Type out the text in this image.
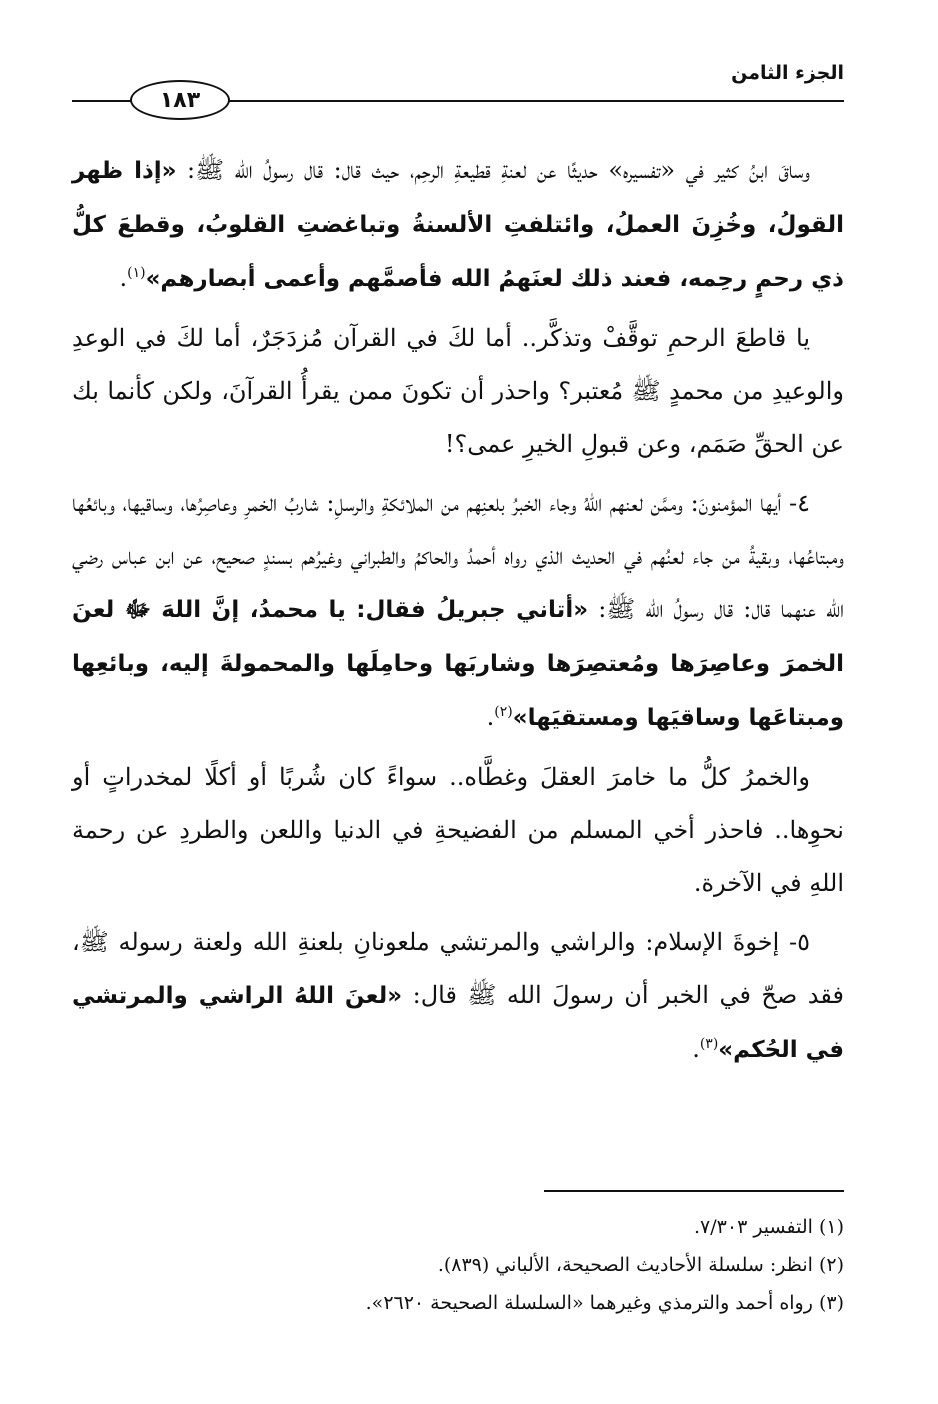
الجزء الثامن
١٨٣

وساقَ ابنُ كثير في «تفسيره» حديثًا عن لعنةِ قطيعةِ الرحِم، حيث قال: قال رسولُ الله ﷺ: «إذا ظهر القولُ، وخُزِنَ العملُ، وائتلفتِ الألسنةُ وتباغضتِ القلوبُ، وقطعَ كلُّ ذي رحمٍ رحِمه، فعند ذلك لعنَهمُ الله فأصمَّهم وأعمى أبصارهم»$^{(١)}$.

يا قاطعَ الرحمِ توقَّفْ وتذكَّر.. أما لكَ في القرآن مُزدَجَرٌ، أما لكَ في الوعدِ والوعيدِ من محمدٍ ﷺ مُعتبر؟ واحذر أن تكونَ ممن يقرأُ القرآنَ، ولكن كأنما بك عن الحقِّ صَمَم، وعن قبولِ الخيرِ عمى؟!

٤- أيها المؤمنونَ: وممَّن لعنهم اللهُ وجاء الخبرُ بلعنِهم من الملائكةِ والرسلِ: شاربُ الخمرِ وعاصِرُها، وساقيها، وبائعُها ومبتاعُها، وبقيةُ من جاء لعنُهم في الحديث الذي رواه أحمدُ والحاكمُ والطبراني وغيرُهم بسندٍ صحيح، عن ابن عباس رضي الله عنهما قال: قال رسولُ الله ﷺ: «أتاني جبريلُ فقال: يا محمدُ، إنَّ اللهَ ﷻ لعنَ الخمرَ وعاصِرَها ومُعتصِرَها وشاربَها وحامِلَها والمحمولةَ إليه، وبائعِها ومبتاعَها وساقيَها ومستقيَها»$^{(٢)}$.

والخمرُ كلُّ ما خامرَ العقلَ وغطَّاه.. سواءً كان شُربًا أو أكلًا لمخدراتٍ أو نحوِها.. فاحذر أخي المسلم من الفضيحةِ في الدنيا واللعن والطردِ عن رحمة اللهِ في الآخرة.

٥- إخوةَ الإسلام: والراشي والمرتشي ملعونانِ بلعنةِ الله ولعنة رسوله ﷺ، فقد صحّ في الخبر أن رسولَ الله ﷺ قال: «لعنَ اللهُ الراشي والمرتشي في الحُكم»$^{(٣)}$.

(١) التفسير ٧/٣٠٣.
(٢) انظر: سلسلة الأحاديث الصحيحة، الألباني (٨٣٩).
(٣) رواه أحمد والترمذي وغيرهما «السلسلة الصحيحة ٢٦٢٠».
